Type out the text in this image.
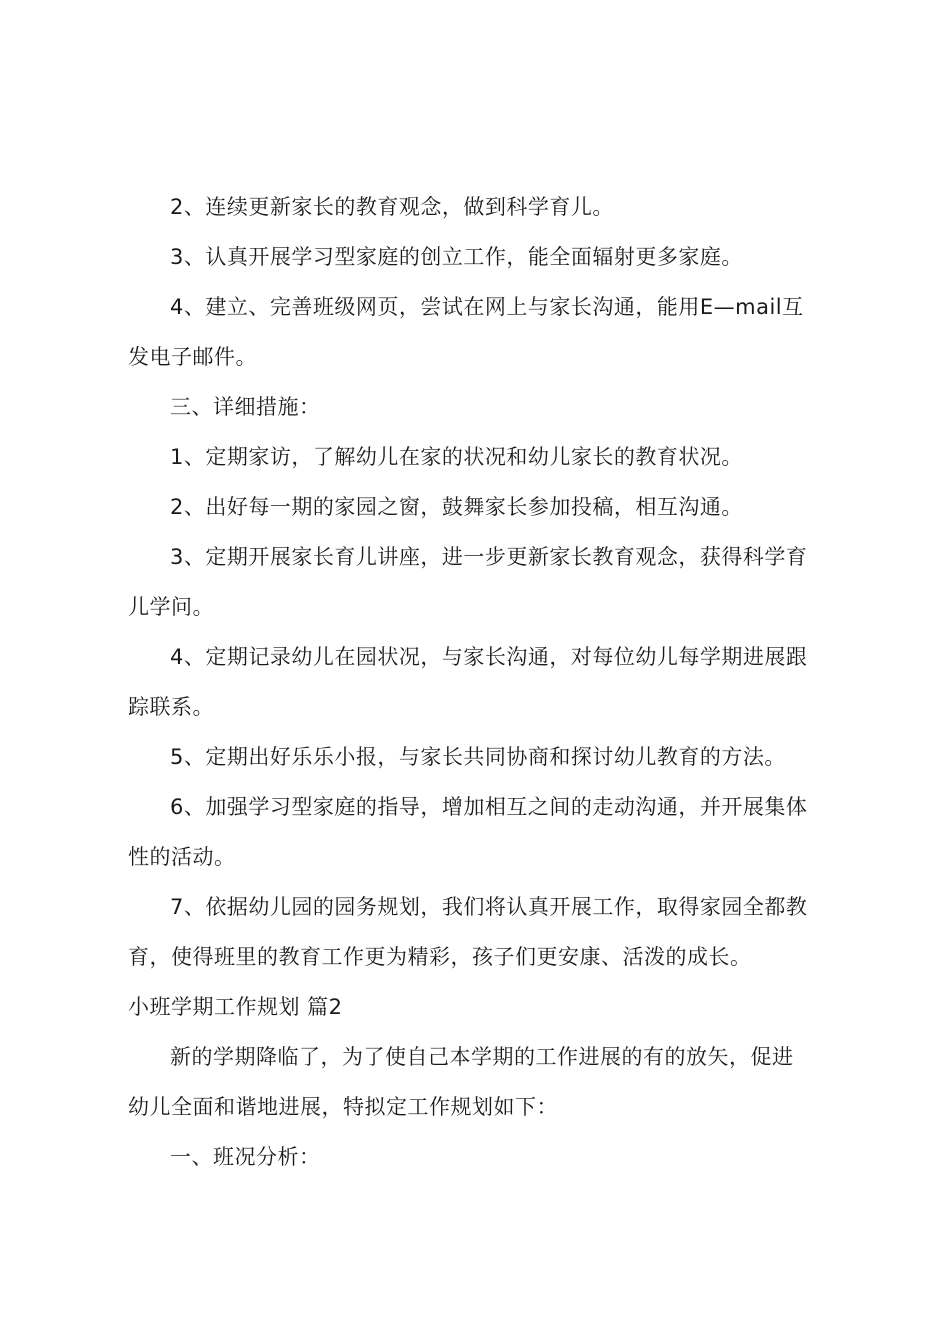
2、连续更新家长的教育观念，做到科学育儿。
3、认真开展学习型家庭的创立工作，能全面辐射更多家庭。
4、建立、完善班级网页，尝试在网上与家长沟通，能用E—mail互
发电子邮件。
三、详细措施：
1、定期家访，了解幼儿在家的状况和幼儿家长的教育状况。
2、出好每一期的家园之窗，鼓舞家长参加投稿，相互沟通。
3、定期开展家长育儿讲座，进一步更新家长教育观念，获得科学育
儿学问。
4、定期记录幼儿在园状况，与家长沟通，对每位幼儿每学期进展跟
踪联系。
5、定期出好乐乐小报，与家长共同协商和探讨幼儿教育的方法。
6、加强学习型家庭的指导，增加相互之间的走动沟通，并开展集体
性的活动。
7、依据幼儿园的园务规划，我们将认真开展工作，取得家园全都教
育，使得班里的教育工作更为精彩，孩子们更安康、活泼的成长。
小班学期工作规划 篇2
新的学期降临了，为了使自己本学期的工作进展的有的放矢，促进
幼儿全面和谐地进展，特拟定工作规划如下：
一、班况分析：
